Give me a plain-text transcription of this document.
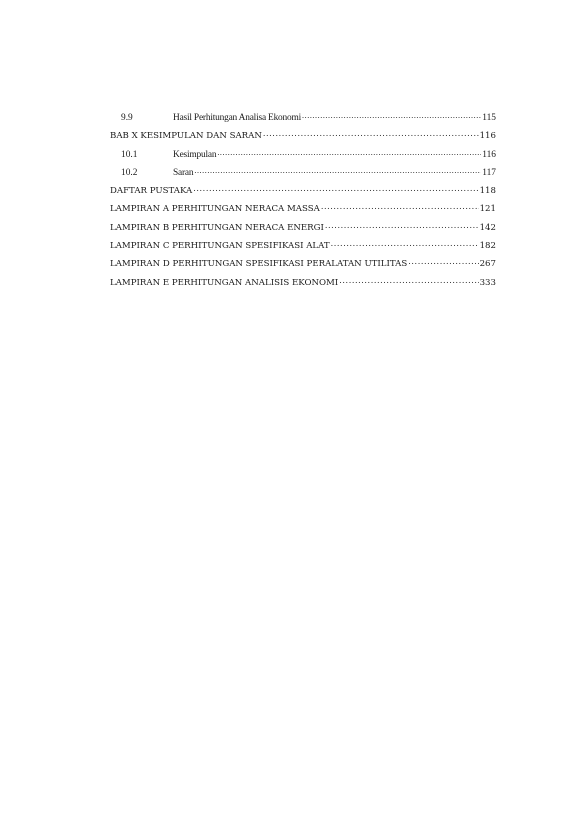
9.9	Hasil Perhitungan Analisa Ekonomi .....	115
BAB X KESIMPULAN DAN SARAN .....	116
10.1	Kesimpulan .....	116
10.2	Saran .....	117
DAFTAR PUSTAKA .....	118
LAMPIRAN A PERHITUNGAN NERACA MASSA .....	121
LAMPIRAN B PERHITUNGAN NERACA ENERGI .....	142
LAMPIRAN C PERHITUNGAN SPESIFIKASI ALAT .....	182
LAMPIRAN D PERHITUNGAN SPESIFIKASI PERALATAN UTILITAS .....	267
LAMPIRAN E PERHITUNGAN ANALISIS EKONOMI .....	333
